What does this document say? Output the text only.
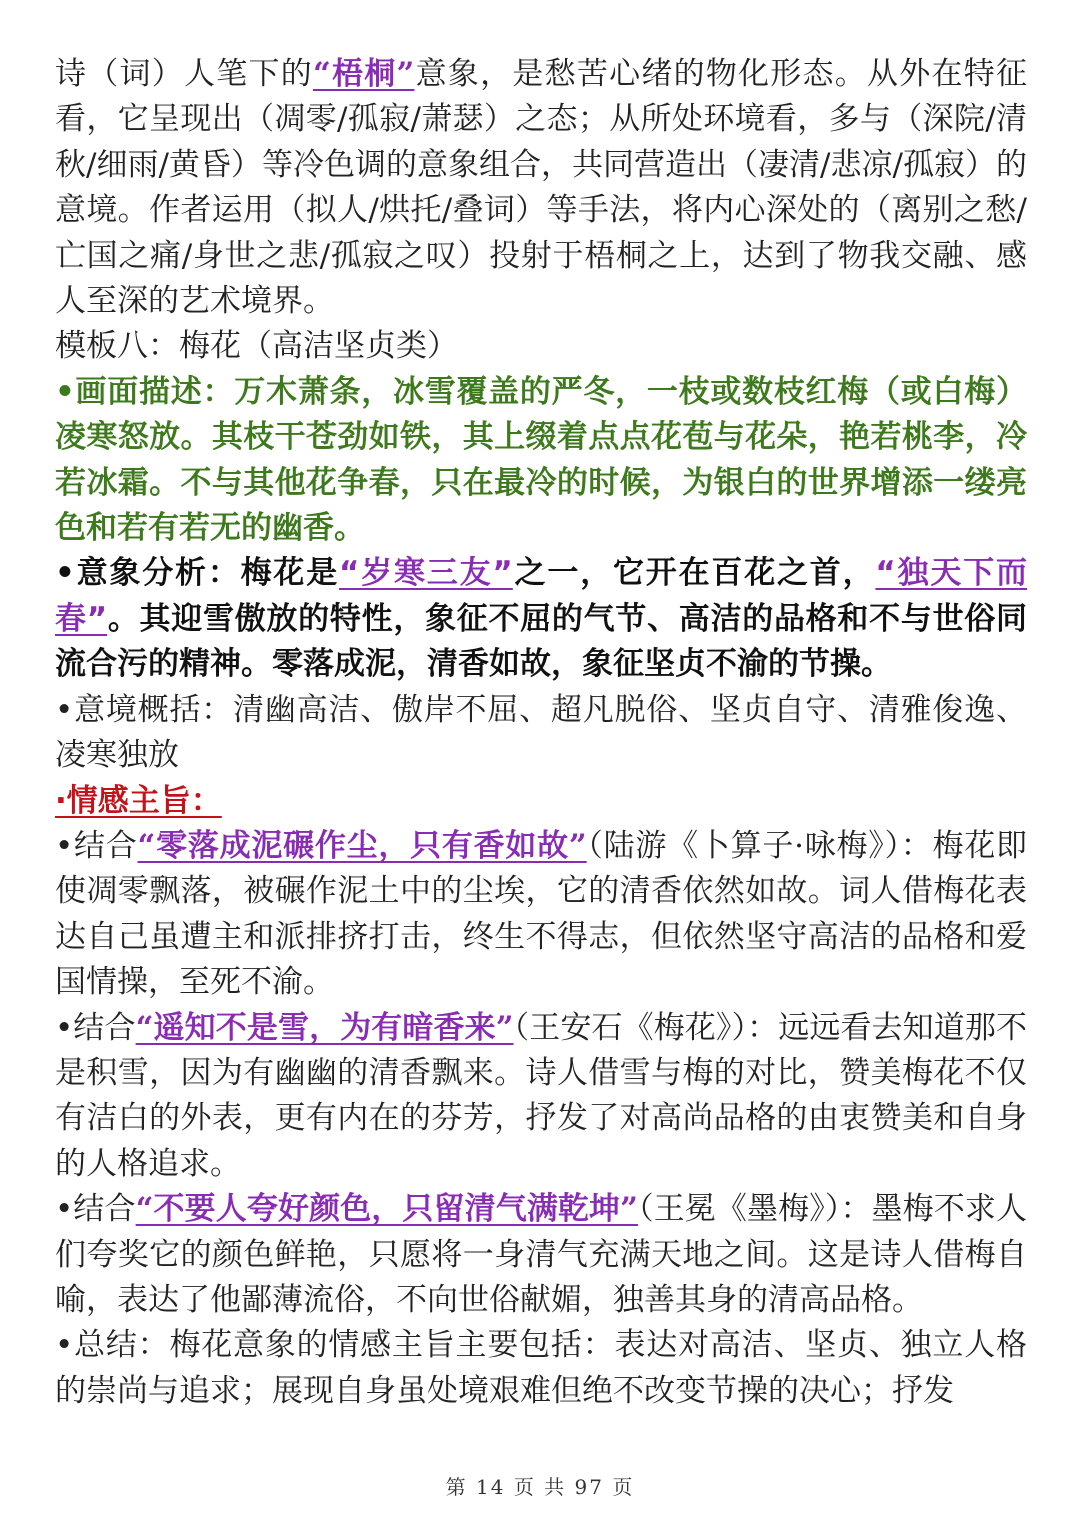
诗（词）人笔下的“梧桐”意象，是愁苦心绪的物化形态。从外在特征看，它呈现出（凋零/孤寂/萧瑟）之态；从所处环境看，多与（深院/清秋/细雨/黄昏）等冷色调的意象组合，共同营造出（凄清/悲凉/孤寂）的意境。作者运用（拟人/烘托/叠词）等手法，将内心深处的（离别之愁/亡国之痛/身世之悲/孤寂之叹）投射于梧桐之上，达到了物我交融、感人至深的艺术境界。

模板八：梅花（高洁坚贞类）

•画面描述：万木萧条，冰雪覆盖的严冬，一枝或数枝红梅（或白梅）凌寒怒放。其枝干苍劲如铁，其上缀着点点花苞与花朵，艳若桃李，冷若冰霜。不与其他花争春，只在最冷的时候，为银白的世界增添一缕亮色和若有若无的幽香。

•意象分析：梅花是“岁寒三友”之一，它开在百花之首，“独天下而春”。其迎雪傲放的特性，象征不屈的气节、高洁的品格和不与世俗同流合污的精神。零落成泥，清香如故，象征坚贞不渝的节操。

•意境概括：清幽高洁、傲岸不屈、超凡脱俗、坚贞自守、清雅俊逸、凌寒独放

·情感主旨：

•结合“零落成泥碾作尘，只有香如故”（陆游《卜算子·咏梅》）：梅花即使凋零飘落，被碾作泥土中的尘埃，它的清香依然如故。词人借梅花表达自己虽遭主和派排挤打击，终生不得志，但依然坚守高洁的品格和爱国情操，至死不渝。

•结合“遥知不是雪，为有暗香来”（王安石《梅花》）：远远看去知道那不是积雪，因为有幽幽的清香飘来。诗人借雪与梅的对比，赞美梅花不仅有洁白的外表，更有内在的芬芳，抒发了对高尚品格的由衷赞美和自身的人格追求。

•结合“不要人夸好颜色，只留清气满乾坤”（王冕《墨梅》）：墨梅不求人们夸奖它的颜色鲜艳，只愿将一身清气充满天地之间。这是诗人借梅自喻，表达了他鄙薄流俗，不向世俗献媚，独善其身的清高品格。

•总结：梅花意象的情感主旨主要包括：表达对高洁、坚贞、独立人格的崇尚与追求；展现自身虽处境艰难但绝不改变节操的决心；抒发

第 14 页 共 97 页
